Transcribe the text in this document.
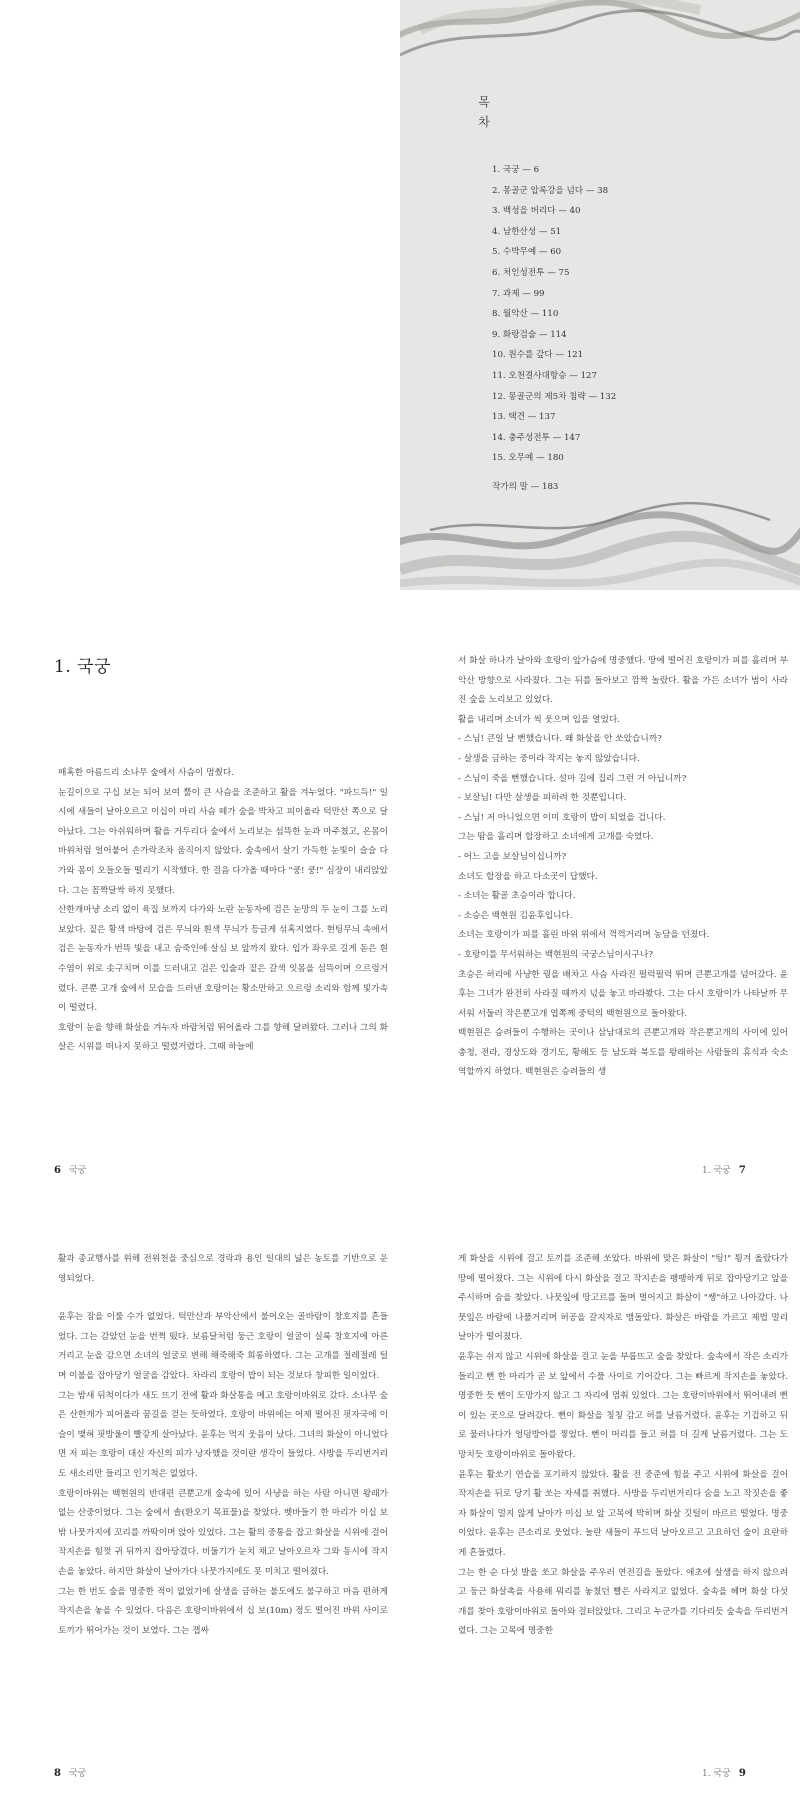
목 차
1. 국궁 — 6
2. 몽골군 압록강을 넘다 — 38
3. 백성을 버리다 — 40
4. 남한산성 — 51
5. 수박무예 — 60
6. 처인성전투 — 75
7. 과제 — 99
8. 월악산 — 110
9. 화랑검술 — 114
10. 원수를 갚다 — 121
11. 오천결사대항승 — 127
12. 몽골군의 제5차 침략 — 132
13. 택견 — 137
14. 충주성전투 — 147
15. 오무예 — 180
작가의 말 — 183
1. 국궁

매혹한 아름드리 소나무 숲에서 사슴이 멈췄다.

눈길이으로 구십 보는 되어 보여 뿔이 큰 사슴을 조준하고 활을 겨누었다. "파드득!" 일시에 새들이 날아오르고 이십이 마리 사슴 떼가 숲을 박차고 피이올라 턱만산 쪽으로 달아났다. 그는 아쉬워하며 활을 거두리다 숲에서 노리보는 섬뜩한 눈과 마주쳤고, 온몸이 바위처럼 얼어붙어 손가락조차 움직이지 않았다. 숲속에서 살기 가득한 눈빛이 슬슬 다가와 몸이 오들오들 떨리기 시작했다. 한 걸음 다가올 때마다 "쿵! 쿵!" 심장이 내리앉았다. 그는 꼼짝달싹 하지 못했다.

산한개마냥 소리 없이 육집 보까지 다가와 노란 눈동자에 검은 눈망의 두 눈이 그를 노리보았다. 짙은 황색 바탕에 검은 무늬와 흰색 무늬가 등글게 섞혹지였다. 현팅무늬 속에서 검은 눈동자가 번뜩 빛을 내고 숨죽인에 살심 보 앞까지 왔다. 입가 좌우로 길게 돋은 흰 수염이 위로 솟구치며 이를 드러내고 검은 입술과 짙은 갈색 잇몸을 섬뜩이며 으르렁거렸다. 큰뿐 고개 숲에서 모습을 드러낸 호랑이는 황소만하고 으르렁 소리와 함께 빛가속이 떨렸다.

호랑이 눈을 향해 화살을 겨누자 바람처럼 뛰어올라 그를 향해 달려왔다. 그러나 그의 화살은 시위를 떠나지 못하고 떨렸거렸다. 그때 하늘에

6 국궁

서 화살 하나가 날아와 호랑이 앞가슴에 명중했다. 땅에 떨어진 호랑이가 피를 흘리며 부악산 방향으로 사라졌다. 그는 뒤를 돌아보고 깜짝 놀랐다. 활을 가든 소녀가 범이 사라진 숲을 노리보고 있었다.

활을 내리며 소녀가 씩 웃으며 입을 열었다.

- 스님! 큰일 날 뻔했습니다. 왜 화살을 안 쏘았습니까?

- 살생을 금하는 중이라 작지는 놓지 않았습니다.

- 스님이 죽을 뻔했습니다. 설마 길에 집리 그런 거 아닙니까?

- 보살님! 다만 살생을 피하려 한 것뿐입니다.

- 스님! 저 아니었으면 이미 호랑이 밥이 되었을 겁니다.

그는 땀을 흘리며 합장하고 소녀에게 고개를 숙였다.

- 어느 고을 보살님이십니까?

소녀도 합장을 하고 다소곳이 답했다.

- 소녀는 활골 초승이라 합니다.

- 소승은 백현원 김윤후입니다.

소녀는 호랑이가 피를 흘린 바위 위에서 꺽꺽거리며 농담을 던졌다.

- 호랑이를 무서워하는 백현원의 국궁스님이시구나?

초승은 허리에 사냥한 꿩을 배차고 사슴 사라진 펄럭펄럭 뛰며 큰뿐고개를 넘어갔다. 윤후는 그녀가 완전히 사라질 때까지 넋을 놓고 바라봤다. 그는 다시 호랑이가 나타날까 무서워 서둘러 작은뿐고개 엽쪽께 중턱의 백현원으로 돌아왔다.

백현원은 승려들이 수행하는 곳이나 삼남대로의 큰뿐고개와 작은뿐고개의 사이에 있어 충청, 전라, 경상도와 경기도, 황해도 등 남도와 북도를 왕래하는 사람들의 휴식과 숙소 역할까지 하였다. 백현원은 승려들의 생

1. 국궁 7

활과 종교행사를 위해 전위천을 중심으로 경락과 용인 일대의 넓은 농토를 기반으로 운영되었다.

윤후는 잠을 이룰 수가 없었다. 턱만산과 부악산에서 불어오는 골바람이 창호지를 흔들었다. 그는 감았던 눈을 번쩍 떴다. 보름달처럼 둥근 호랑이 얼굴이 실룩 창호지에 아른거리고 눈을 감으면 소녀의 얼굴로 변해 해죽해죽 희롱하였다. 그는 고개를 절레절레 털며 이불을 잡아당기 얼굴을 감았다. 차라리 호랑이 밥이 되는 것보다 창피한 일이었다.

그는 밤새 뒤척이다가 새도 뜨기 전에 활과 화살통을 메고 호랑이바위로 갔다. 소나무 숲은 산한개가 피어올라 꿈길을 걷는 듯하였다. 호랑이 바위에는 어제 떨어진 핏자국에 이슬이 맺혀 핏방울이 빨갛게 살아났다. 윤후는 먹지 웃음이 났다. 그녀의 화살이 아니었다면 저 피는 호랑이 대신 자신의 피가 낭자했을 것이란 생각이 들었다. 사방을 두리번거리도 새소리만 들리고 인기척은 없었다.

호랑이바위는 백현원의 반대편 큰뿐고개 숲속에 있어 사냥을 하는 사람 아니면 왕래가 없는 산중이었다. 그는 숲에서 솔(환오기 목표물)을 찾았다. 벳바들기 한 마리가 이십 보 밖 나뭇가지에 꼬리를 까딱이며 앉아 있었다. 그는 활의 중통을 잡고 화살을 시위에 걸어 작지손을 힘껏 귀 뒤까지 잡아당겼다. 비둘기가 눈치 채고 날아오르자 그와 동시에 작지손을 놓았다. 하지만 화살이 날아가다 나뭇가지에도 못 미치고 떨어졌다.

그는 한 번도 숲을 명중한 적이 없었기에 살생을 금하는 불도에도 불구하고 마음 편하게 작지손을 놓을 수 있었다. 다음은 호랑이바위에서 십 보(10m) 정도 떨어진 바위 사이로 토끼가 뛰어가는 것이 보였다. 그는 잽싸

8 국궁

게 화살을 시위에 걸고 토끼를 조준해 쏘았다. 바위에 맞은 화살이 "팅!" 튕겨 올랐다가 땅에 떨어졌다. 그는 시위에 다시 화살을 걸고 작지손을 팽팽하게 뒤로 잡아당기고 앞을 주시하며 숨을 찾았다. 나뭇잎에 땅고르를 돌며 벌어지고 화살이 "쌩"하고 나아갔다. 나뭇잎은 바람에 나풀거리며 허공을 갈지자로 맴돌았다. 화살은 바람을 가르고 제법 멀리 날아가 떨어졌다.

윤후는 쉬지 않고 시위에 화살을 걸고 눈을 부릅뜨고 숲을 찾았다. 숲속에서 작은 소리가 들리고 뻔 한 마리가 곧 보 앞에서 수풀 사이로 기어갔다. 그는 빠르게 작지손을 놓았다. 명중한 듯 뻔이 도망가지 않고 그 자리에 멈춰 있었다. 그는 호랑이바위에서 뛰어내려 뻔이 있는 곳으로 달려갔다. 뻔이 화살을 칭칭 감고 허를 날름거렸다. 윤후는 기겁하고 뒤로 물러나다가 엉덩방아를 찧었다. 뻔이 머리를 들고 허를 더 길게 날름거렸다. 그는 도망치듯 호랑이바위로 돌아왔다.

윤후는 활쏘기 연습을 포기하지 않았다. 활을 전 중준에 힘을 주고 시위에 화살을 걸어 작지손을 뒤로 당기 활 쏘는 자세를 취했다. 사방을 두리번거리다 숨을 노고 작짓손을 좋자 화살이 멀지 않게 날아가 이십 보 앞 고목에 박히며 화살 깃털이 바르르 떨었다. 명중이었다. 윤후는 큰소리로 웃었다. 놀란 새들이 푸드덕 날아오르고 고요하던 숲이 요란하게 흔들렸다.

그는 한 순 다섯 발을 쏘고 화살을 주우러 연전길을 돌았다. 애초에 살생을 하지 않으려고 둥근 화살촉을 사용해 뭐리를 놓쳤던 빨은 사라지고 없었다. 숲속을 헤며 화살 다섯 개를 찾아 호랑이바위로 돌아와 걸터앉았다. 그리고 누군가를 기다리듯 숲속을 두리번거렸다. 그는 고목에 명중한

1. 국궁 9
